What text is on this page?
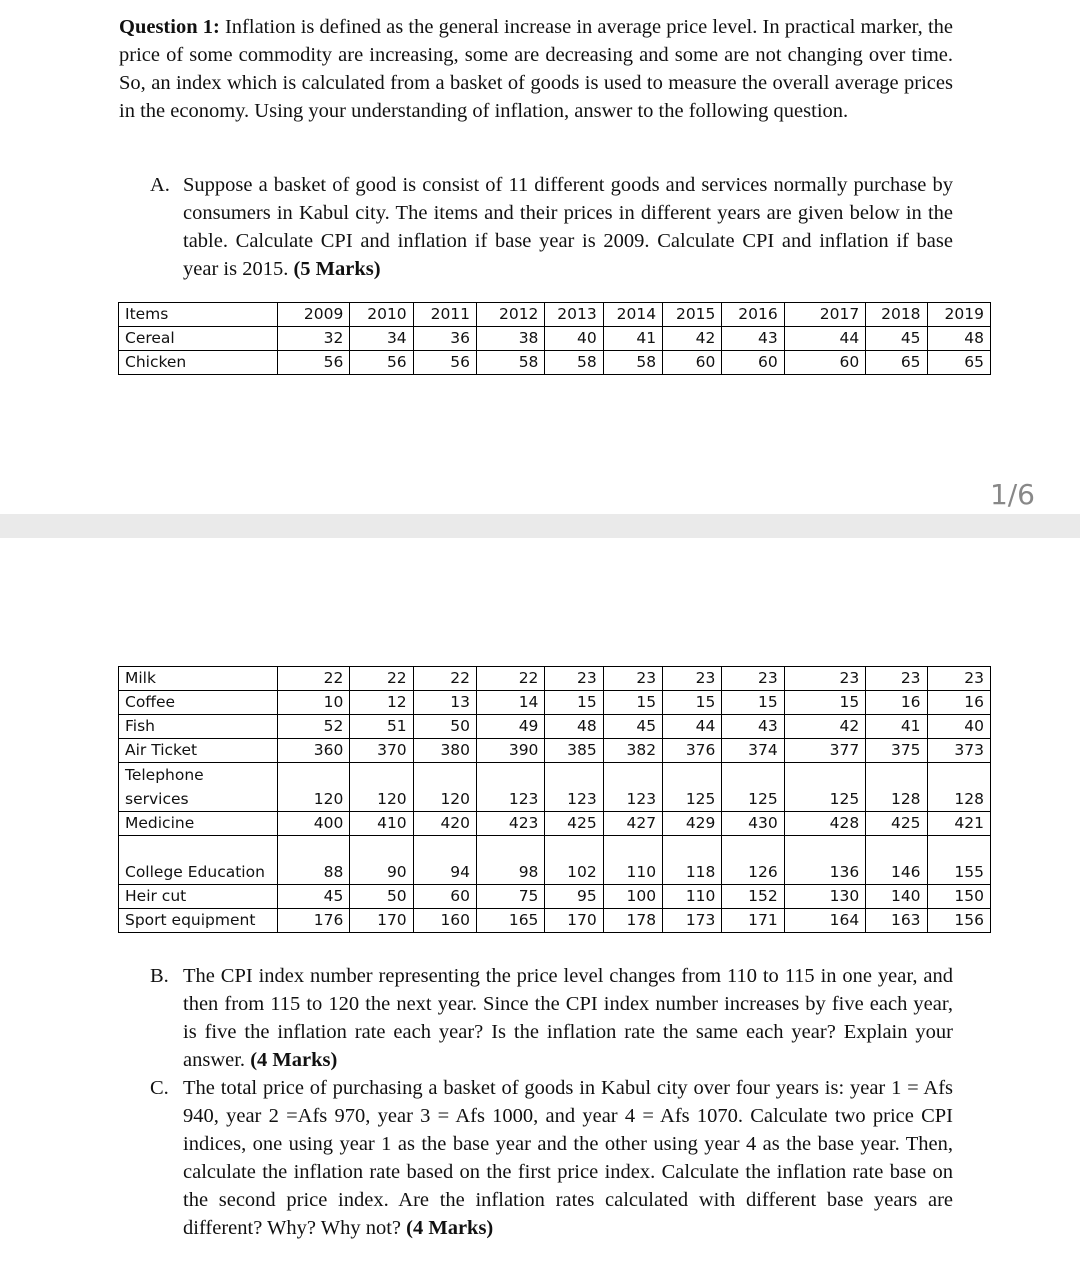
Question 1: Inflation is defined as the general increase in average price level. In practical marker, the price of some commodity are increasing, some are decreasing and some are not changing over time. So, an index which is calculated from a basket of goods is used to measure the overall average prices in the economy. Using your understanding of inflation, answer to the following question.

A. Suppose a basket of good is consist of 11 different goods and services normally purchase by consumers in Kabul city. The items and their prices in different years are given below in the table. Calculate CPI and inflation if base year is 2009. Calculate CPI and inflation if base year is 2015. (5 Marks)
Items	2009	2010	2011	2012	2013	2014	2015	2016	2017	2018	2019
Cereal	32	34	36	38	40	41	42	43	44	45	48
Chicken	56	56	56	58	58	58	60	60	60	65	65
1/6
Milk	22	22	22	22	23	23	23	23	23	23	23
Coffee	10	12	13	14	15	15	15	15	15	16	16
Fish	52	51	50	49	48	45	44	43	42	41	40
Air Ticket	360	370	380	390	385	382	376	374	377	375	373
Telephone services	120	120	120	123	123	123	125	125	125	128	128
Medicine	400	410	420	423	425	427	429	430	428	425	421
College Education	88	90	94	98	102	110	118	126	136	146	155
Heir cut	45	50	60	75	95	100	110	152	130	140	150
Sport equipment	176	170	160	165	170	178	173	171	164	163	156
B. The CPI index number representing the price level changes from 110 to 115 in one year, and then from 115 to 120 the next year. Since the CPI index number increases by five each year, is five the inflation rate each year? Is the inflation rate the same each year? Explain your answer. (4 Marks)
C. The total price of purchasing a basket of goods in Kabul city over four years is: year 1 = Afs 940, year 2 =Afs 970, year 3 = Afs 1000, and year 4 = Afs 1070. Calculate two price CPI indices, one using year 1 as the base year and the other using year 4 as the base year. Then, calculate the inflation rate based on the first price index. Calculate the inflation rate base on the second price index. Are the inflation rates calculated with different base years are different? Why? Why not? (4 Marks)
